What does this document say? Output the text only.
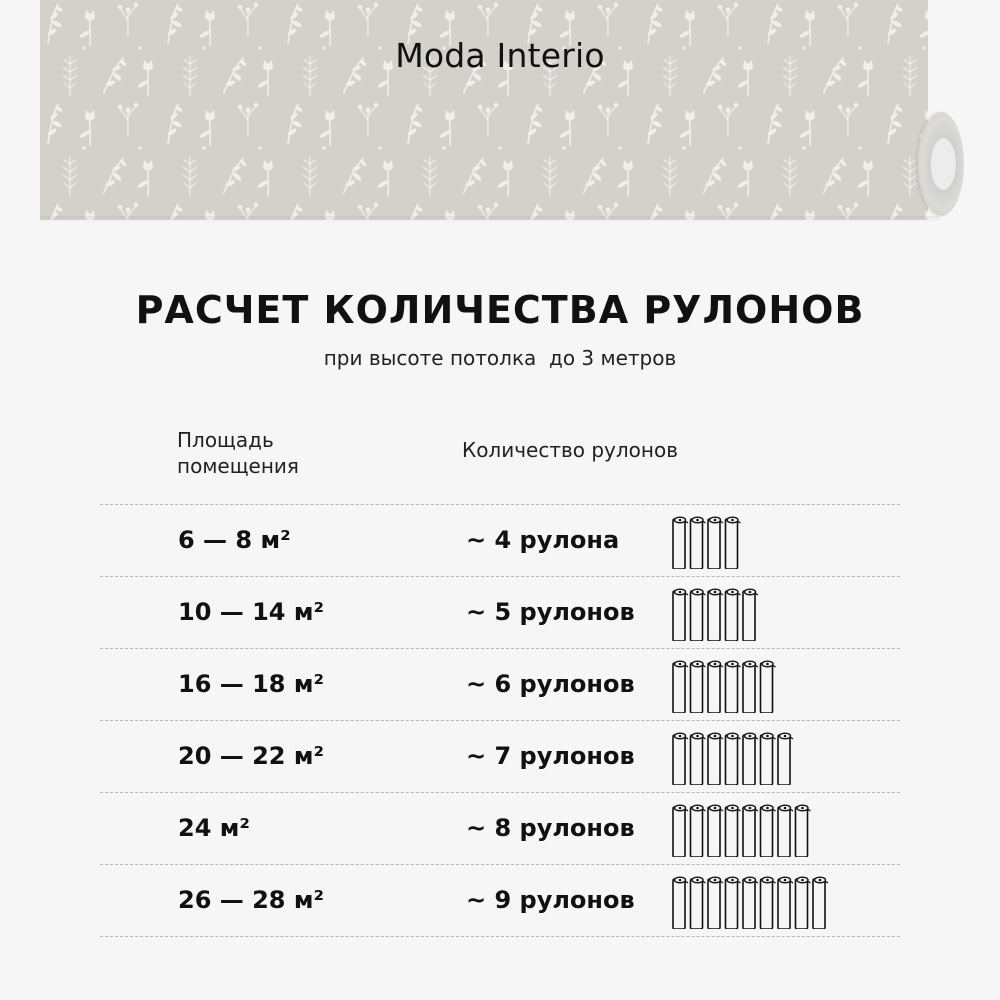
Moda Interio
РАСЧЕТ КОЛИЧЕСТВА РУЛОНОВ
при высоте потолка  до 3 метров
Площадь
помещения
Количество рулонов
6 — 8 м²	~ 4 рулона
10 — 14 м²	~ 5 рулонов
16 — 18 м²	~ 6 рулонов
20 — 22 м²	~ 7 рулонов
24 м²	~ 8 рулонов
26 — 28 м²	~ 9 рулонов
